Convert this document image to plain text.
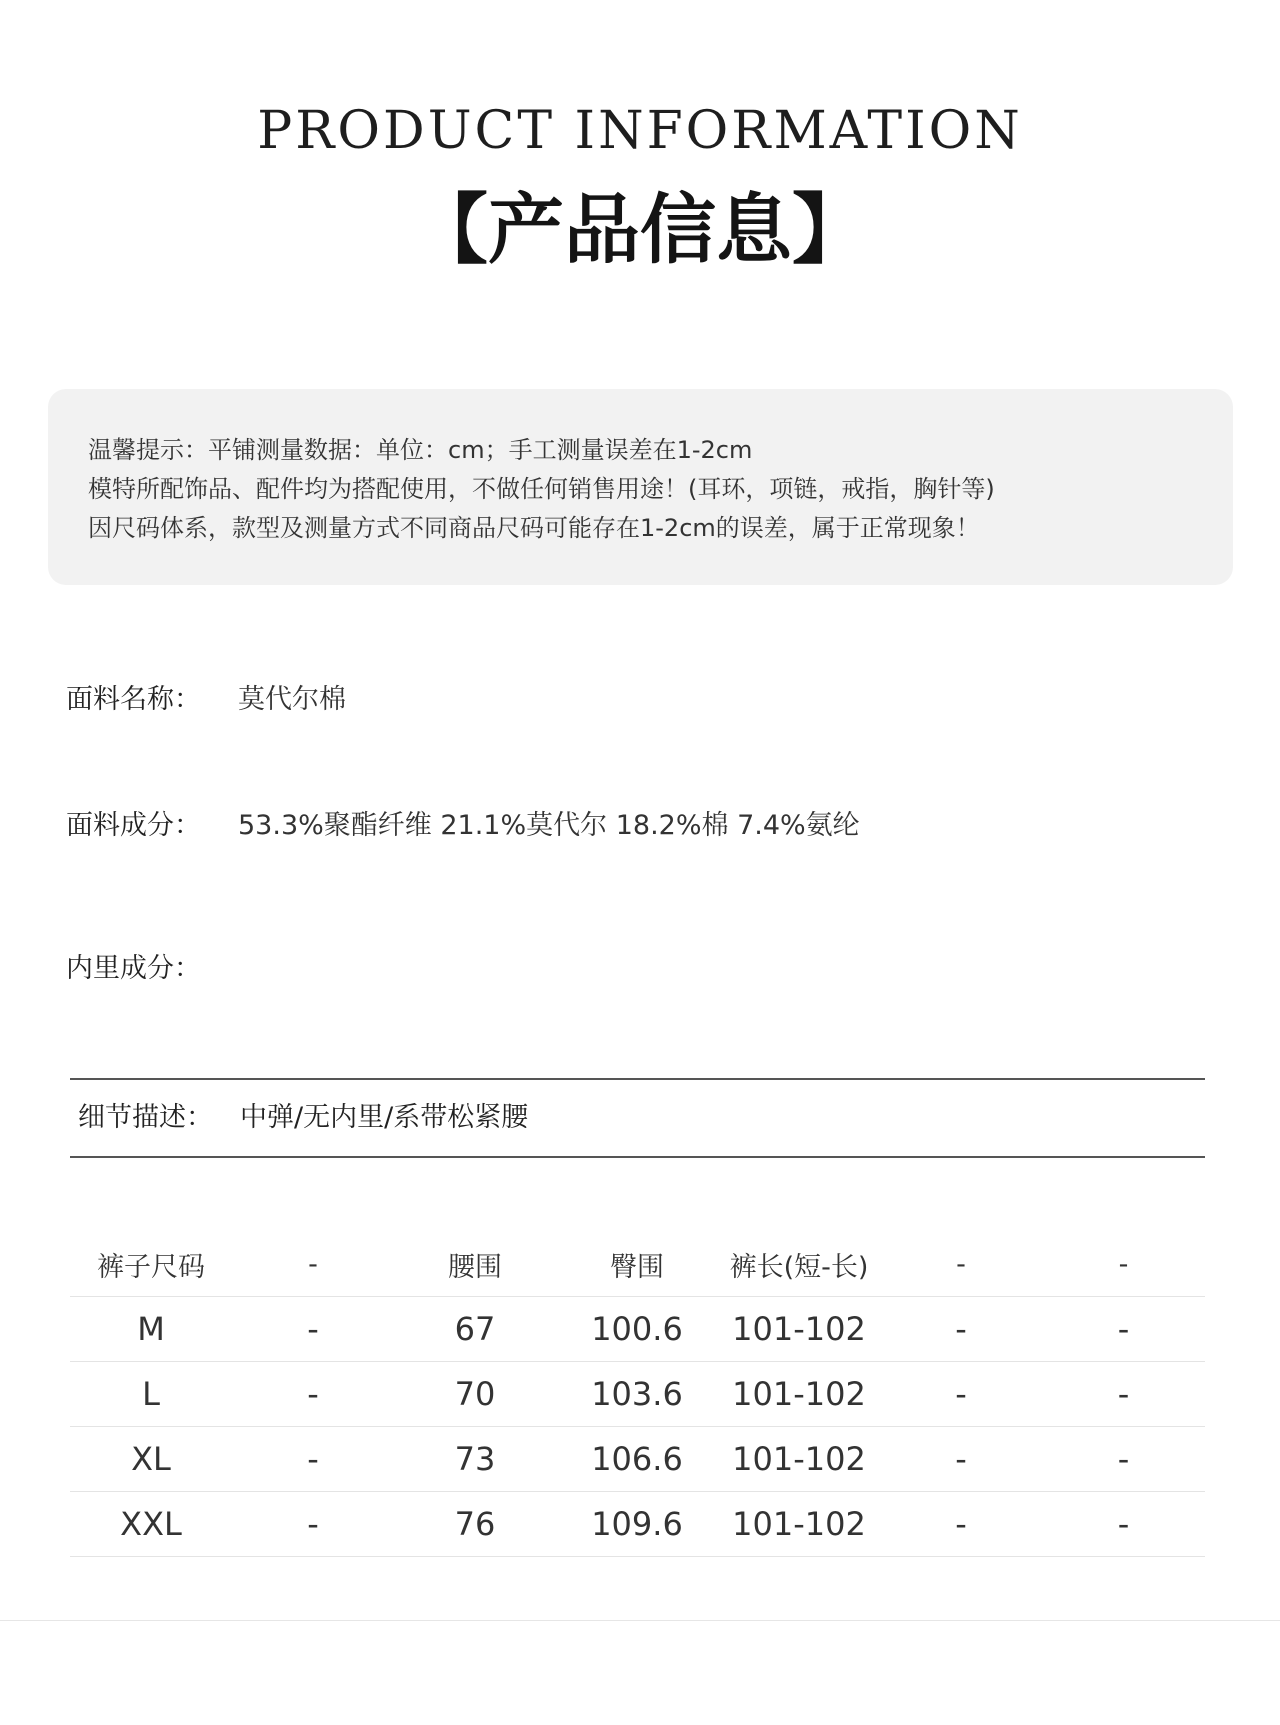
PRODUCT INFORMATION
【产品信息】
温馨提示：平铺测量数据：单位：cm；手工测量误差在1-2cm
模特所配饰品、配件均为搭配使用，不做任何销售用途！(耳环，项链，戒指，胸针等)
因尺码体系，款型及测量方式不同商品尺码可能存在1-2cm的误差，属于正常现象！
面料名称： 莫代尔棉
面料成分： 53.3%聚酯纤维 21.1%莫代尔 18.2%棉 7.4%氨纶
内里成分：
细节描述： 中弹/无内里/系带松紧腰
裤子尺码	-	腰围	臀围	裤长(短-长)	-	-
M	-	67	100.6	101-102	-	-
L	-	70	103.6	101-102	-	-
XL	-	73	106.6	101-102	-	-
XXL	-	76	109.6	101-102	-	-
